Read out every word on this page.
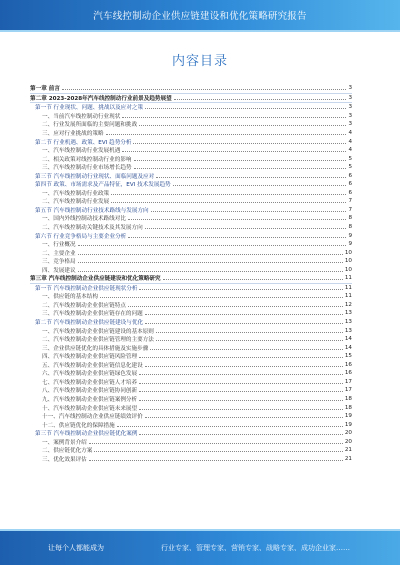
汽车线控制动企业供应链建设和优化策略研究报告
内容目录
第一章 前言	3
第二章 2023-2028年汽车线控制动行业前景及趋势展望	3
第一节 行业现状、问题、挑战以及应对之策	3
一、当前汽车线控制动行业现状	3
二、行业发展所面临的主要问题和挑战	3
三、应对行业挑战的策略	4
第二节 行业机遇、政策、EVI 趋势分析	4
一、汽车线控制动行业发展机遇	4
二、相关政策对线控制动行业的影响	5
三、汽车线控制动行业市场增长趋势	5
第三节 汽车线控制动行业现状、面临问题及应对	6
第四节 政策、市场需求及产品特征，EVI 技术发展趋势	6
一、汽车线控制动行业政策	6
二、汽车线控制动行业发展	7
第五节 汽车线控制动行业技术路线与发展方向	7
一、国内外线控制动技术路线对比	8
二、汽车线控制动关键技术及其发展方向	8
第六节 行业竞争格局与主要企业分析	9
一、行业概况	9
二、主要企业	10
三、竞争格局	10
四、发展建议	10
第三章 汽车线控制动企业供应链建设和优化策略研究	11
第一节 汽车线控制动企业供应链现状分析	11
一、供应链的基本结构	11
二、汽车线控制动企业供应链特点	12
三、汽车线控制动企业供应链存在的问题	13
第二节 汽车线控制动企业供应链建设与优化	13
一、汽车线控制动企业供应链建设的基本原则	13
二、汽车线控制动企业供应链管理的主要方法	14
三、企业供应链优化的具体措施及实施步骤	14
四、汽车线控制动企业供应链风险管理	15
五、汽车线控制动企业供应链信息化建设	16
六、汽车线控制动企业供应链绿色发展	16
七、汽车线控制动企业供应链人才培养	17
八、汽车线控制动企业供应链协同创新	17
九、汽车线控制动企业供应链案例分析	18
十、汽车线控制动企业供应链未来展望	18
十一、汽车线控制动企业供应链绩效评价	19
十二、供应链优化的保障措施	19
第三节 汽车线控制动企业供应链优化案例	20
一、案例背景介绍	20
二、供应链优化方案	21
三、优化效果评估	21
让每个人都能成为	行业专家、管理专家、营销专家、战略专家、成功企业家……
